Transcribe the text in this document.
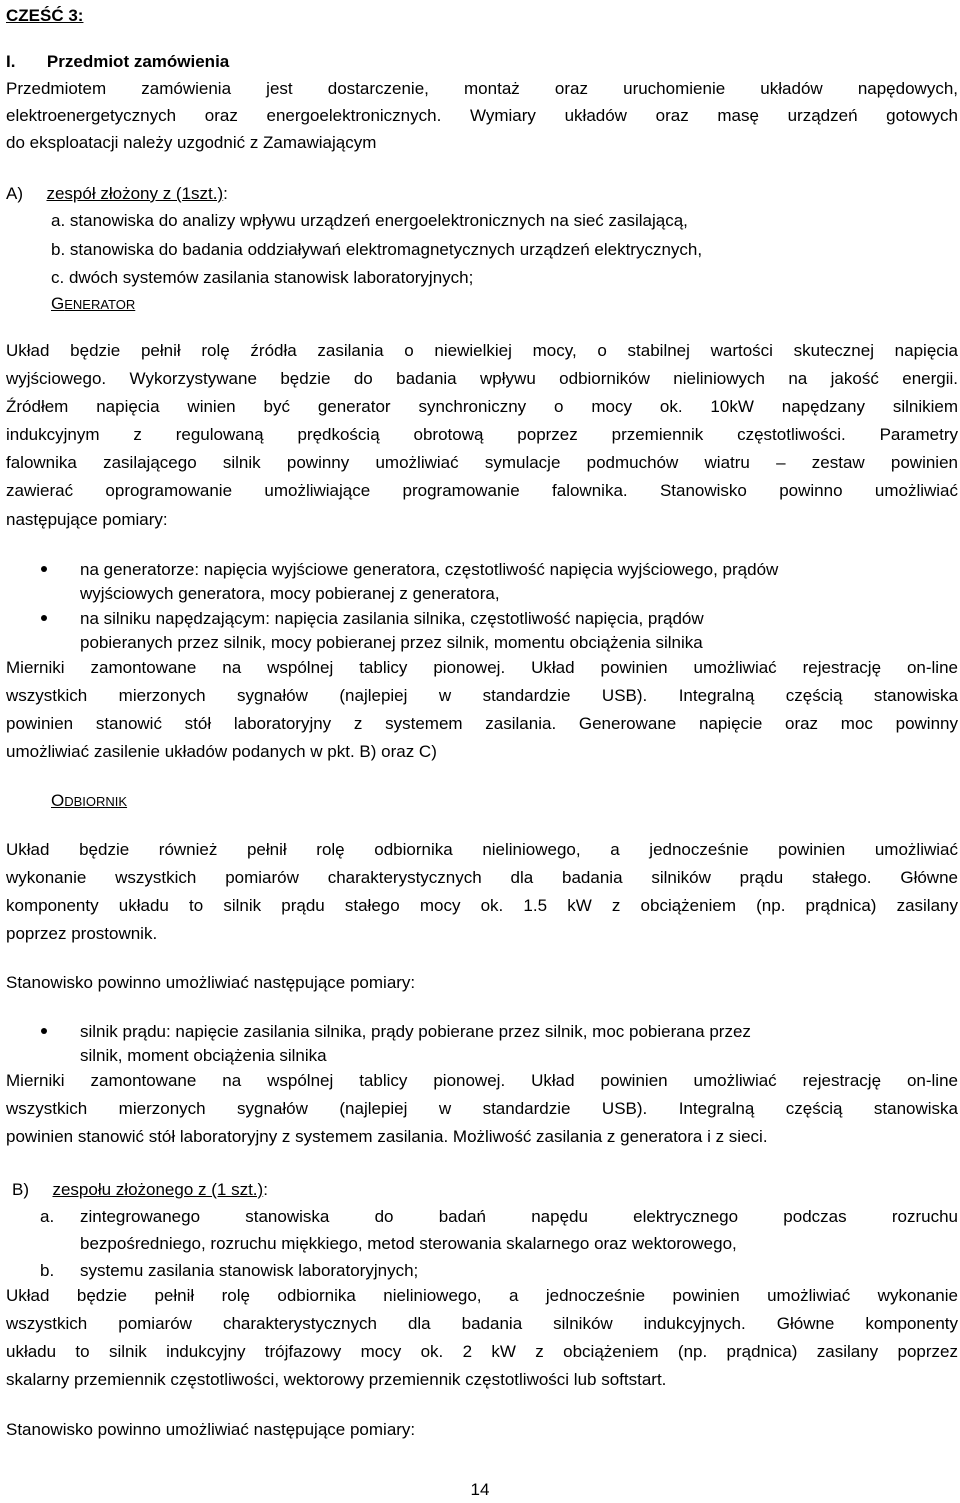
CZEŚĆ 3:
I. Przedmiot zamówienia
Przedmiotem zamówienia jest dostarczenie, montaż oraz uruchomienie układów napędowych,
elektroenergetycznych oraz energoelektronicznych. Wymiary układów oraz masę urządzeń gotowych
do eksploatacji należy uzgodnić z Zamawiającym
A) zespół złożony z (1szt.):
a. stanowiska do analizy wpływu urządzeń energoelektronicznych na sieć zasilającą,
b. stanowiska do badania oddziaływań elektromagnetycznych urządzeń elektrycznych,
c. dwóch systemów zasilania stanowisk laboratoryjnych;
GENERATOR
Układ będzie pełnił rolę źródła zasilania o niewielkiej mocy, o stabilnej wartości skutecznej napięcia
wyjściowego. Wykorzystywane będzie do badania wpływu odbiorników nieliniowych na jakość energii.
Źródłem napięcia winien być generator synchroniczny o mocy ok. 10kW napędzany silnikiem
indukcyjnym z regulowaną prędkością obrotową poprzez przemiennik częstotliwości. Parametry
falownika zasilającego silnik powinny umożliwiać symulacje podmuchów wiatru – zestaw powinien
zawierać oprogramowanie umożliwiające programowanie falownika. Stanowisko powinno umożliwiać
następujące pomiary:
na generatorze: napięcia wyjściowe generatora, częstotliwość napięcia wyjściowego, prądów
wyjściowych generatora, mocy pobieranej z generatora,
na silniku napędzającym: napięcia zasilania silnika, częstotliwość napięcia, prądów
pobieranych przez silnik, mocy pobieranej przez silnik, momentu obciążenia silnika
Mierniki zamontowane na wspólnej tablicy pionowej. Układ powinien umożliwiać rejestrację on-line
wszystkich mierzonych sygnałów (najlepiej w standardzie USB). Integralną częścią stanowiska
powinien stanowić stół laboratoryjny z systemem zasilania. Generowane napięcie oraz moc powinny
umożliwiać zasilenie układów podanych w pkt. B) oraz C)
ODBIORNIK
Układ będzie również pełnił rolę odbiornika nieliniowego, a jednocześnie powinien umożliwiać
wykonanie wszystkich pomiarów charakterystycznych dla badania silników prądu stałego. Główne
komponenty układu to silnik prądu stałego mocy ok. 1.5 kW z obciążeniem (np. prądnica) zasilany
poprzez prostownik.
Stanowisko powinno umożliwiać następujące pomiary:
silnik prądu: napięcie zasilania silnika, prądy pobierane przez silnik, moc pobierana przez
silnik, moment obciążenia silnika
Mierniki zamontowane na wspólnej tablicy pionowej. Układ powinien umożliwiać rejestrację on-line
wszystkich mierzonych sygnałów (najlepiej w standardzie USB). Integralną częścią stanowiska
powinien stanowić stół laboratoryjny z systemem zasilania. Możliwość zasilania z generatora i z sieci.
B) zespołu złożonego z (1 szt.):
a.	zintegrowanego stanowiska do badań napędu elektrycznego podczas rozruchu
bezpośredniego, rozruchu miękkiego, metod sterowania skalarnego oraz wektorowego,
b.	systemu zasilania stanowisk laboratoryjnych;
Układ będzie pełnił rolę odbiornika nieliniowego, a jednocześnie powinien umożliwiać wykonanie
wszystkich pomiarów charakterystycznych dla badania silników indukcyjnych. Główne komponenty
układu to silnik indukcyjny trójfazowy mocy ok. 2 kW z obciążeniem (np. prądnica) zasilany poprzez
skalarny przemiennik częstotliwości, wektorowy przemiennik częstotliwości lub softstart.
Stanowisko powinno umożliwiać następujące pomiary:
14
